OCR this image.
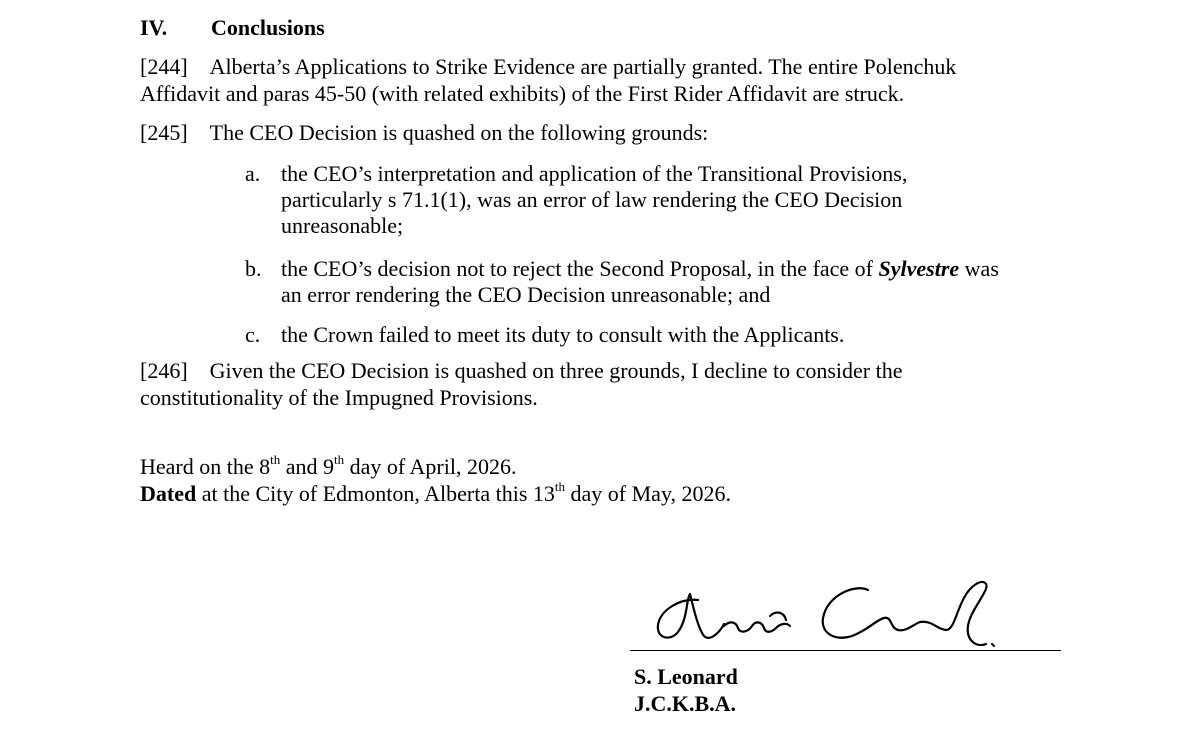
IV. Conclusions
[244] Alberta’s Applications to Strike Evidence are partially granted. The entire Polenchuk
Affidavit and paras 45-50 (with related exhibits) of the First Rider Affidavit are struck.
[245] The CEO Decision is quashed on the following grounds:
a. the CEO’s interpretation and application of the Transitional Provisions,
particularly s 71.1(1), was an error of law rendering the CEO Decision
unreasonable;
b. the CEO’s decision not to reject the Second Proposal, in the face of Sylvestre was
an error rendering the CEO Decision unreasonable; and
c. the Crown failed to meet its duty to consult with the Applicants.
[246] Given the CEO Decision is quashed on three grounds, I decline to consider the
constitutionality of the Impugned Provisions.
Heard on the 8th and 9th day of April, 2026.
Dated at the City of Edmonton, Alberta this 13th day of May, 2026.
S. Leonard
J.C.K.B.A.
